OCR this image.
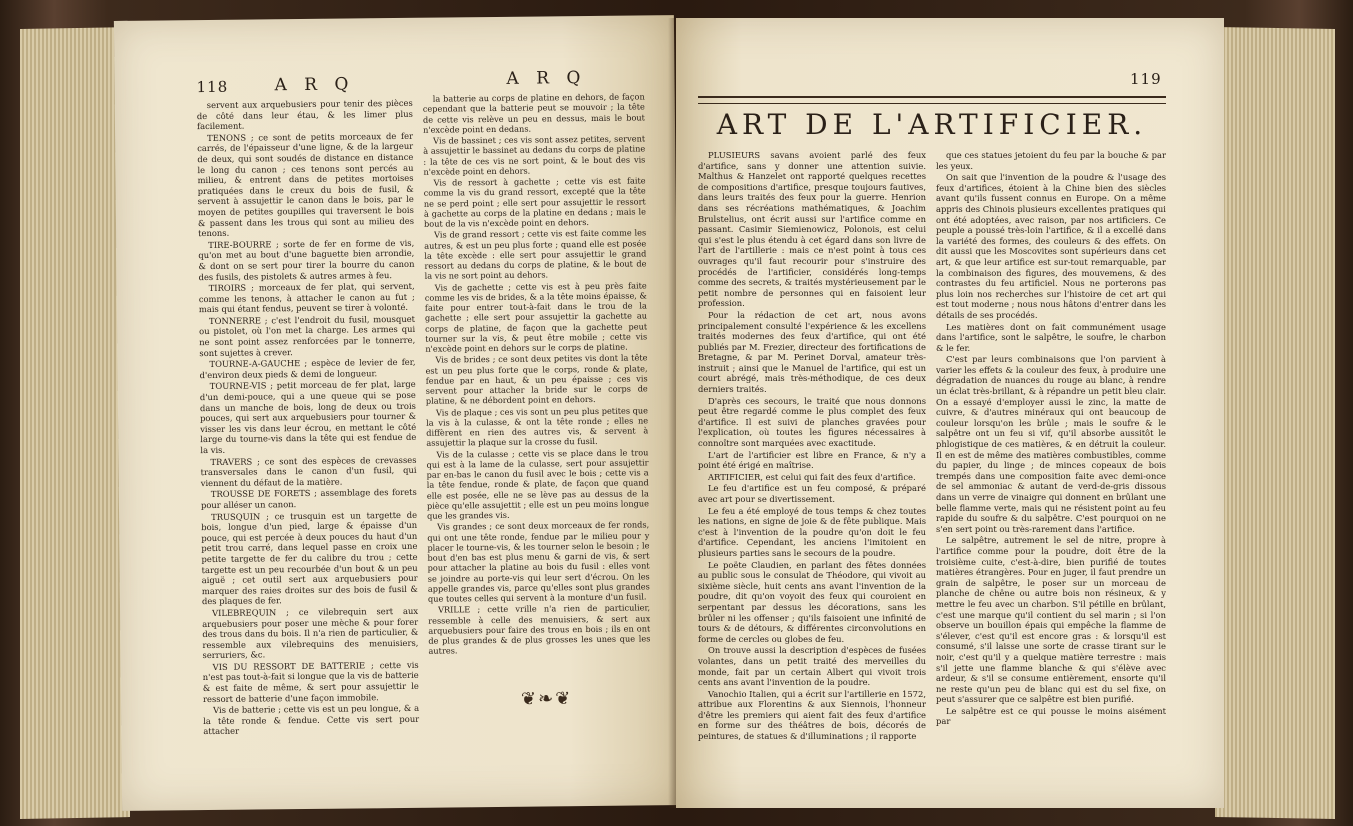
118	A R Q	A R Q

servent aux arquebusiers pour tenir des pièces de côté dans leur étau, & les limer plus facilement.

TENONS ; ce sont de petits morceaux de fer carrés, de l'épaisseur d'une ligne, & de la largeur de deux, qui sont soudés de distance en distance le long du canon ; ces tenons sont percés au milieu, & entrent dans de petites mortoises pratiquées dans le creux du bois de fusil, & servent à assujettir le canon dans le bois, par le moyen de petites goupilles qui traversent le bois & passent dans les trous qui sont au milieu des tenons.

TIRE-BOURRE ; sorte de fer en forme de vis, qu'on met au bout d'une baguette bien arrondie, & dont on se sert pour tirer la bourre du canon des fusils, des pistolets & autres armes à feu.

TIROIRS ; morceaux de fer plat, qui servent, comme les tenons, à attacher le canon au fut ; mais qui étant fendus, peuvent se tirer à volonté.

TONNERRE ; c'est l'endroit du fusil, mousquet ou pistolet, où l'on met la charge. Les armes qui ne sont point assez renforcées par le tonnerre, sont sujettes à crever.

TOURNE-A-GAUCHE ; espèce de levier de fer, d'environ deux pieds & demi de longueur.

TOURNE-VIS ; petit morceau de fer plat, large d'un demi-pouce, qui a une queue qui se pose dans un manche de bois, long de deux ou trois pouces, qui sert aux arquebusiers pour tourner & visser les vis dans leur écrou, en mettant le côté large du tourne-vis dans la tête qui est fendue de la vis.

TRAVERS ; ce sont des espèces de crevasses transversales dans le canon d'un fusil, qui viennent du défaut de la matière.

TROUSSE DE FORETS ; assemblage des forets pour alléser un canon.

TRUSQUIN ; ce trusquin est un targette de bois, longue d'un pied, large & épaisse d'un pouce, qui est percée à deux pouces du haut d'un petit trou carré, dans lequel passe en croix une petite targette de fer du calibre du trou ; cette targette est un peu recourbée d'un bout & un peu aiguë ; cet outil sert aux arquebusiers pour marquer des raies droites sur des bois de fusil & des plaques de fer.

VILEBREQUIN ; ce vilebrequin sert aux arquebusiers pour poser une mèche & pour forer des trous dans du bois. Il n'a rien de particulier, & ressemble aux vilebrequins des menuisiers, serruriers, &c.

VIS DU RESSORT DE BATTERIE ; cette vis n'est pas tout-à-fait si longue que la vis de batterie & est faite de même, & sert pour assujettir le ressort de batterie d'une façon immobile.

Vis de batterie ; cette vis est un peu longue, & a la tête ronde & fendue. Cette vis sert pour attacher

la batterie au corps de platine en dehors, de façon cependant que la batterie peut se mouvoir ; la tête de cette vis relève un peu en dessus, mais le bout n'excède point en dedans.

Vis de bassinet ; ces vis sont assez petites, servent à assujettir le bassinet au dedans du corps de platine : la tête de ces vis ne sort point, & le bout des vis n'excède point en dehors.

Vis de ressort à gachette ; cette vis est faite comme la vis du grand ressort, excepté que la tête ne se perd point ; elle sert pour assujettir le ressort à gachette au corps de la platine en dedans ; mais le bout de la vis n'excède point en dehors.

Vis de grand ressort ; cette vis est faite comme les autres, & est un peu plus forte ; quand elle est posée la tête excède : elle sert pour assujettir le grand ressort au dedans du corps de platine, & le bout de la vis ne sort point au dehors.

Vis de gachette ; cette vis est à peu près faite comme les vis de brides, & a la tête moins épaisse, & faite pour entrer tout-à-fait dans le trou de la gachette ; elle sert pour assujettir la gachette au corps de platine, de façon que la gachette peut tourner sur la vis, & peut être mobile ; cette vis n'excède point en dehors sur le corps de platine.

Vis de brides ; ce sont deux petites vis dont la tête est un peu plus forte que le corps, ronde & plate, fendue par en haut, & un peu épaisse ; ces vis servent pour attacher la bride sur le corps de platine, & ne débordent point en dehors.

Vis de plaque ; ces vis sont un peu plus petites que la vis à la culasse, & ont la tête ronde ; elles ne diffèrent en rien des autres vis, & servent à assujettir la plaque sur la crosse du fusil.

Vis de la culasse ; cette vis se place dans le trou qui est à la lame de la culasse, sert pour assujettir par en-bas le canon du fusil avec le bois ; cette vis a la tête fendue, ronde & plate, de façon que quand elle est posée, elle ne se lève pas au dessus de la pièce qu'elle assujettit ; elle est un peu moins longue que les grandes vis.

Vis grandes ; ce sont deux morceaux de fer ronds, qui ont une tête ronde, fendue par le milieu pour y placer le tourne-vis, & les tourner selon le besoin ; le bout d'en bas est plus menu & garni de vis, & sert pour attacher la platine au bois du fusil : elles vont se joindre au porte-vis qui leur sert d'écrou. On les appelle grandes vis, parce qu'elles sont plus grandes que toutes celles qui servent à la monture d'un fusil.

VRILLE ; cette vrille n'a rien de particulier, ressemble à celle des menuisiers, & sert aux arquebusiers pour faire des trous en bois ; ils en ont de plus grandes & de plus grosses les unes que les autres.

❦❧❦
119
ART DE L'ARTIFICIER.

PLUSIEURS savans avoient parlé des feux d'artifice, sans y donner une attention suivie. Malthus & Hanzelet ont rapporté quelques recettes de compositions d'artifice, presque toujours fautives, dans leurs traités des feux pour la guerre. Henrion dans ses récréations mathématiques, & Joachim Brulstelius, ont écrit aussi sur l'artifice comme en passant. Casimir Siemienowicz, Polonois, est celui qui s'est le plus étendu à cet égard dans son livre de l'art de l'artillerie : mais ce n'est point à tous ces ouvrages qu'il faut recourir pour s'instruire des procédés de l'artificier, considérés long-temps comme des secrets, & traités mystérieusement par le petit nombre de personnes qui en faisoient leur profession.

Pour la rédaction de cet art, nous avons principalement consulté l'expérience & les excellens traités modernes des feux d'artifice, qui ont été publiés par M. Frezier, directeur des fortifications de Bretagne, & par M. Perinet Dorval, amateur très-instruit ; ainsi que le Manuel de l'artifice, qui est un court abrégé, mais très-méthodique, de ces deux derniers traités.

D'après ces secours, le traité que nous donnons peut être regardé comme le plus complet des feux d'artifice. Il est suivi de planches gravées pour l'explication, où toutes les figures nécessaires à connoître sont marquées avec exactitude.

L'art de l'artificier est libre en France, & n'y a point été érigé en maîtrise.

ARTIFICIER, est celui qui fait des feux d'artifice.

Le feu d'artifice est un feu composé, & préparé avec art pour se divertissement.

Le feu a été employé de tous temps & chez toutes les nations, en signe de joie & de fête publique. Mais c'est à l'invention de la poudre qu'on doit le feu d'artifice. Cependant, les anciens l'imitoient en plusieurs parties sans le secours de la poudre.

Le poëte Claudien, en parlant des fêtes données au public sous le consulat de Théodore, qui vivoit au sixième siècle, huit cents ans avant l'invention de la poudre, dit qu'on voyoit des feux qui couroient en serpentant par dessus les décorations, sans les brûler ni les offenser ; qu'ils faisoient une infinité de tours & de détours, & différentes circonvolutions en forme de cercles ou globes de feu.

On trouve aussi la description d'espèces de fusées volantes, dans un petit traité des merveilles du monde, fait par un certain Albert qui vivoit trois cents ans avant l'invention de la poudre.

Vanochio Italien, qui a écrit sur l'artillerie en 1572, attribue aux Florentins & aux Siennois, l'honneur d'être les premiers qui aient fait des feux d'artifice en forme sur des théâtres de bois, décorés de peintures, de statues & d'illuminations ; il rapporte

que ces statues jetoient du feu par la bouche & par les yeux.

On sait que l'invention de la poudre & l'usage des feux d'artifices, étoient à la Chine bien des siècles avant qu'ils fussent connus en Europe. On a même appris des Chinois plusieurs excellentes pratiques qui ont été adoptées, avec raison, par nos artificiers. Ce peuple a poussé très-loin l'artifice, & il a excellé dans la variété des formes, des couleurs & des effets. On dit aussi que les Moscovites sont supérieurs dans cet art, & que leur artifice est sur-tout remarquable, par la combinaison des figures, des mouvemens, & des contrastes du feu artificiel. Nous ne porterons pas plus loin nos recherches sur l'histoire de cet art qui est tout moderne ; nous nous hâtons d'entrer dans les détails de ses procédés.

Les matières dont on fait communément usage dans l'artifice, sont le salpêtre, le soufre, le charbon & le fer.

C'est par leurs combinaisons que l'on parvient à varier les effets & la couleur des feux, à produire une dégradation de nuances du rouge au blanc, à rendre un éclat très-brillant, & à répandre un petit bleu clair. On a essayé d'employer aussi le zinc, la matte de cuivre, & d'autres minéraux qui ont beaucoup de couleur lorsqu'on les brûle ; mais le soufre & le salpêtre ont un feu si vif, qu'il absorbe aussitôt le phlogistique de ces matières, & en détruit la couleur. Il en est de même des matières combustibles, comme du papier, du linge ; de minces copeaux de bois trempés dans une composition faite avec demi-once de sel ammoniac & autant de verd-de-gris dissous dans un verre de vinaigre qui donnent en brûlant une belle flamme verte, mais qui ne résistent point au feu rapide du soufre & du salpêtre. C'est pourquoi on ne s'en sert point ou très-rarement dans l'artifice.

Le salpêtre, autrement le sel de nitre, propre à l'artifice comme pour la poudre, doit être de la troisième cuite, c'est-à-dire, bien purifié de toutes matières étrangères. Pour en juger, il faut prendre un grain de salpêtre, le poser sur un morceau de planche de chêne ou autre bois non résineux, & y mettre le feu avec un charbon. S'il pétille en brûlant, c'est une marque qu'il contient du sel marin ; si l'on observe un bouillon épais qui empêche la flamme de s'élever, c'est qu'il est encore gras : & lorsqu'il est consumé, s'il laisse une sorte de crasse tirant sur le noir, c'est qu'il y a quelque matière terrestre : mais s'il jette une flamme blanche & qui s'élève avec ardeur, & s'il se consume entièrement, ensorte qu'il ne reste qu'un peu de blanc qui est du sel fixe, on peut s'assurer que ce salpêtre est bien purifié.

Le salpêtre est ce qui pousse le moins aisément par
